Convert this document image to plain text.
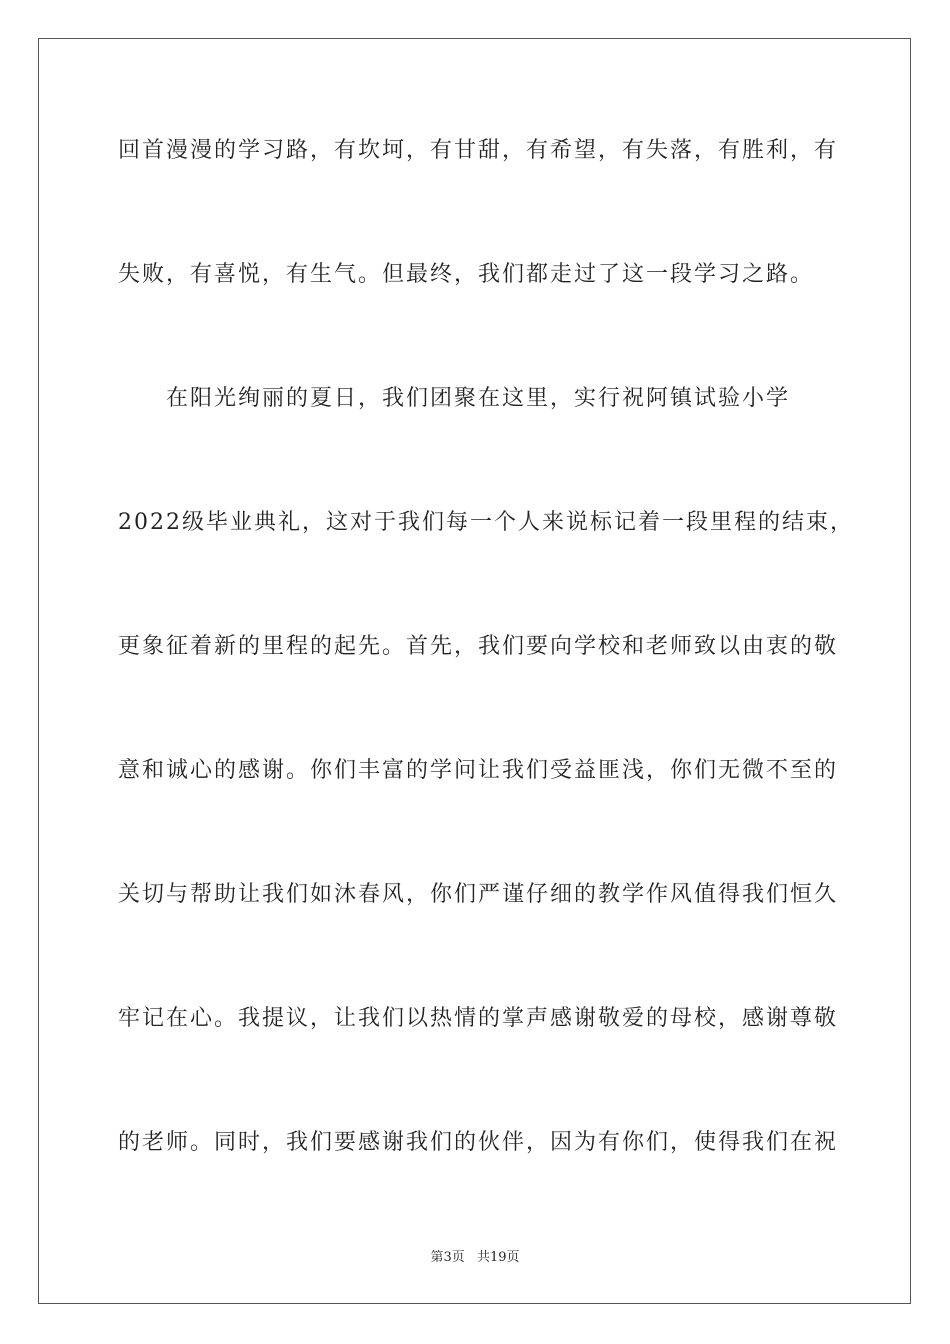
回首漫漫的学习路，有坎坷，有甘甜，有希望，有失落，有胜利，有
失败，有喜悦，有生气。但最终，我们都走过了这一段学习之路。
在阳光绚丽的夏日，我们团聚在这里，实行祝阿镇试验小学
2022级毕业典礼，这对于我们每一个人来说标记着一段里程的结束，
更象征着新的里程的起先。首先，我们要向学校和老师致以由衷的敬
意和诚心的感谢。你们丰富的学问让我们受益匪浅，你们无微不至的
关切与帮助让我们如沐春风，你们严谨仔细的教学作风值得我们恒久
牢记在心。我提议，让我们以热情的掌声感谢敬爱的母校，感谢尊敬
的老师。同时，我们要感谢我们的伙伴，因为有你们，使得我们在祝
第3页 共19页
